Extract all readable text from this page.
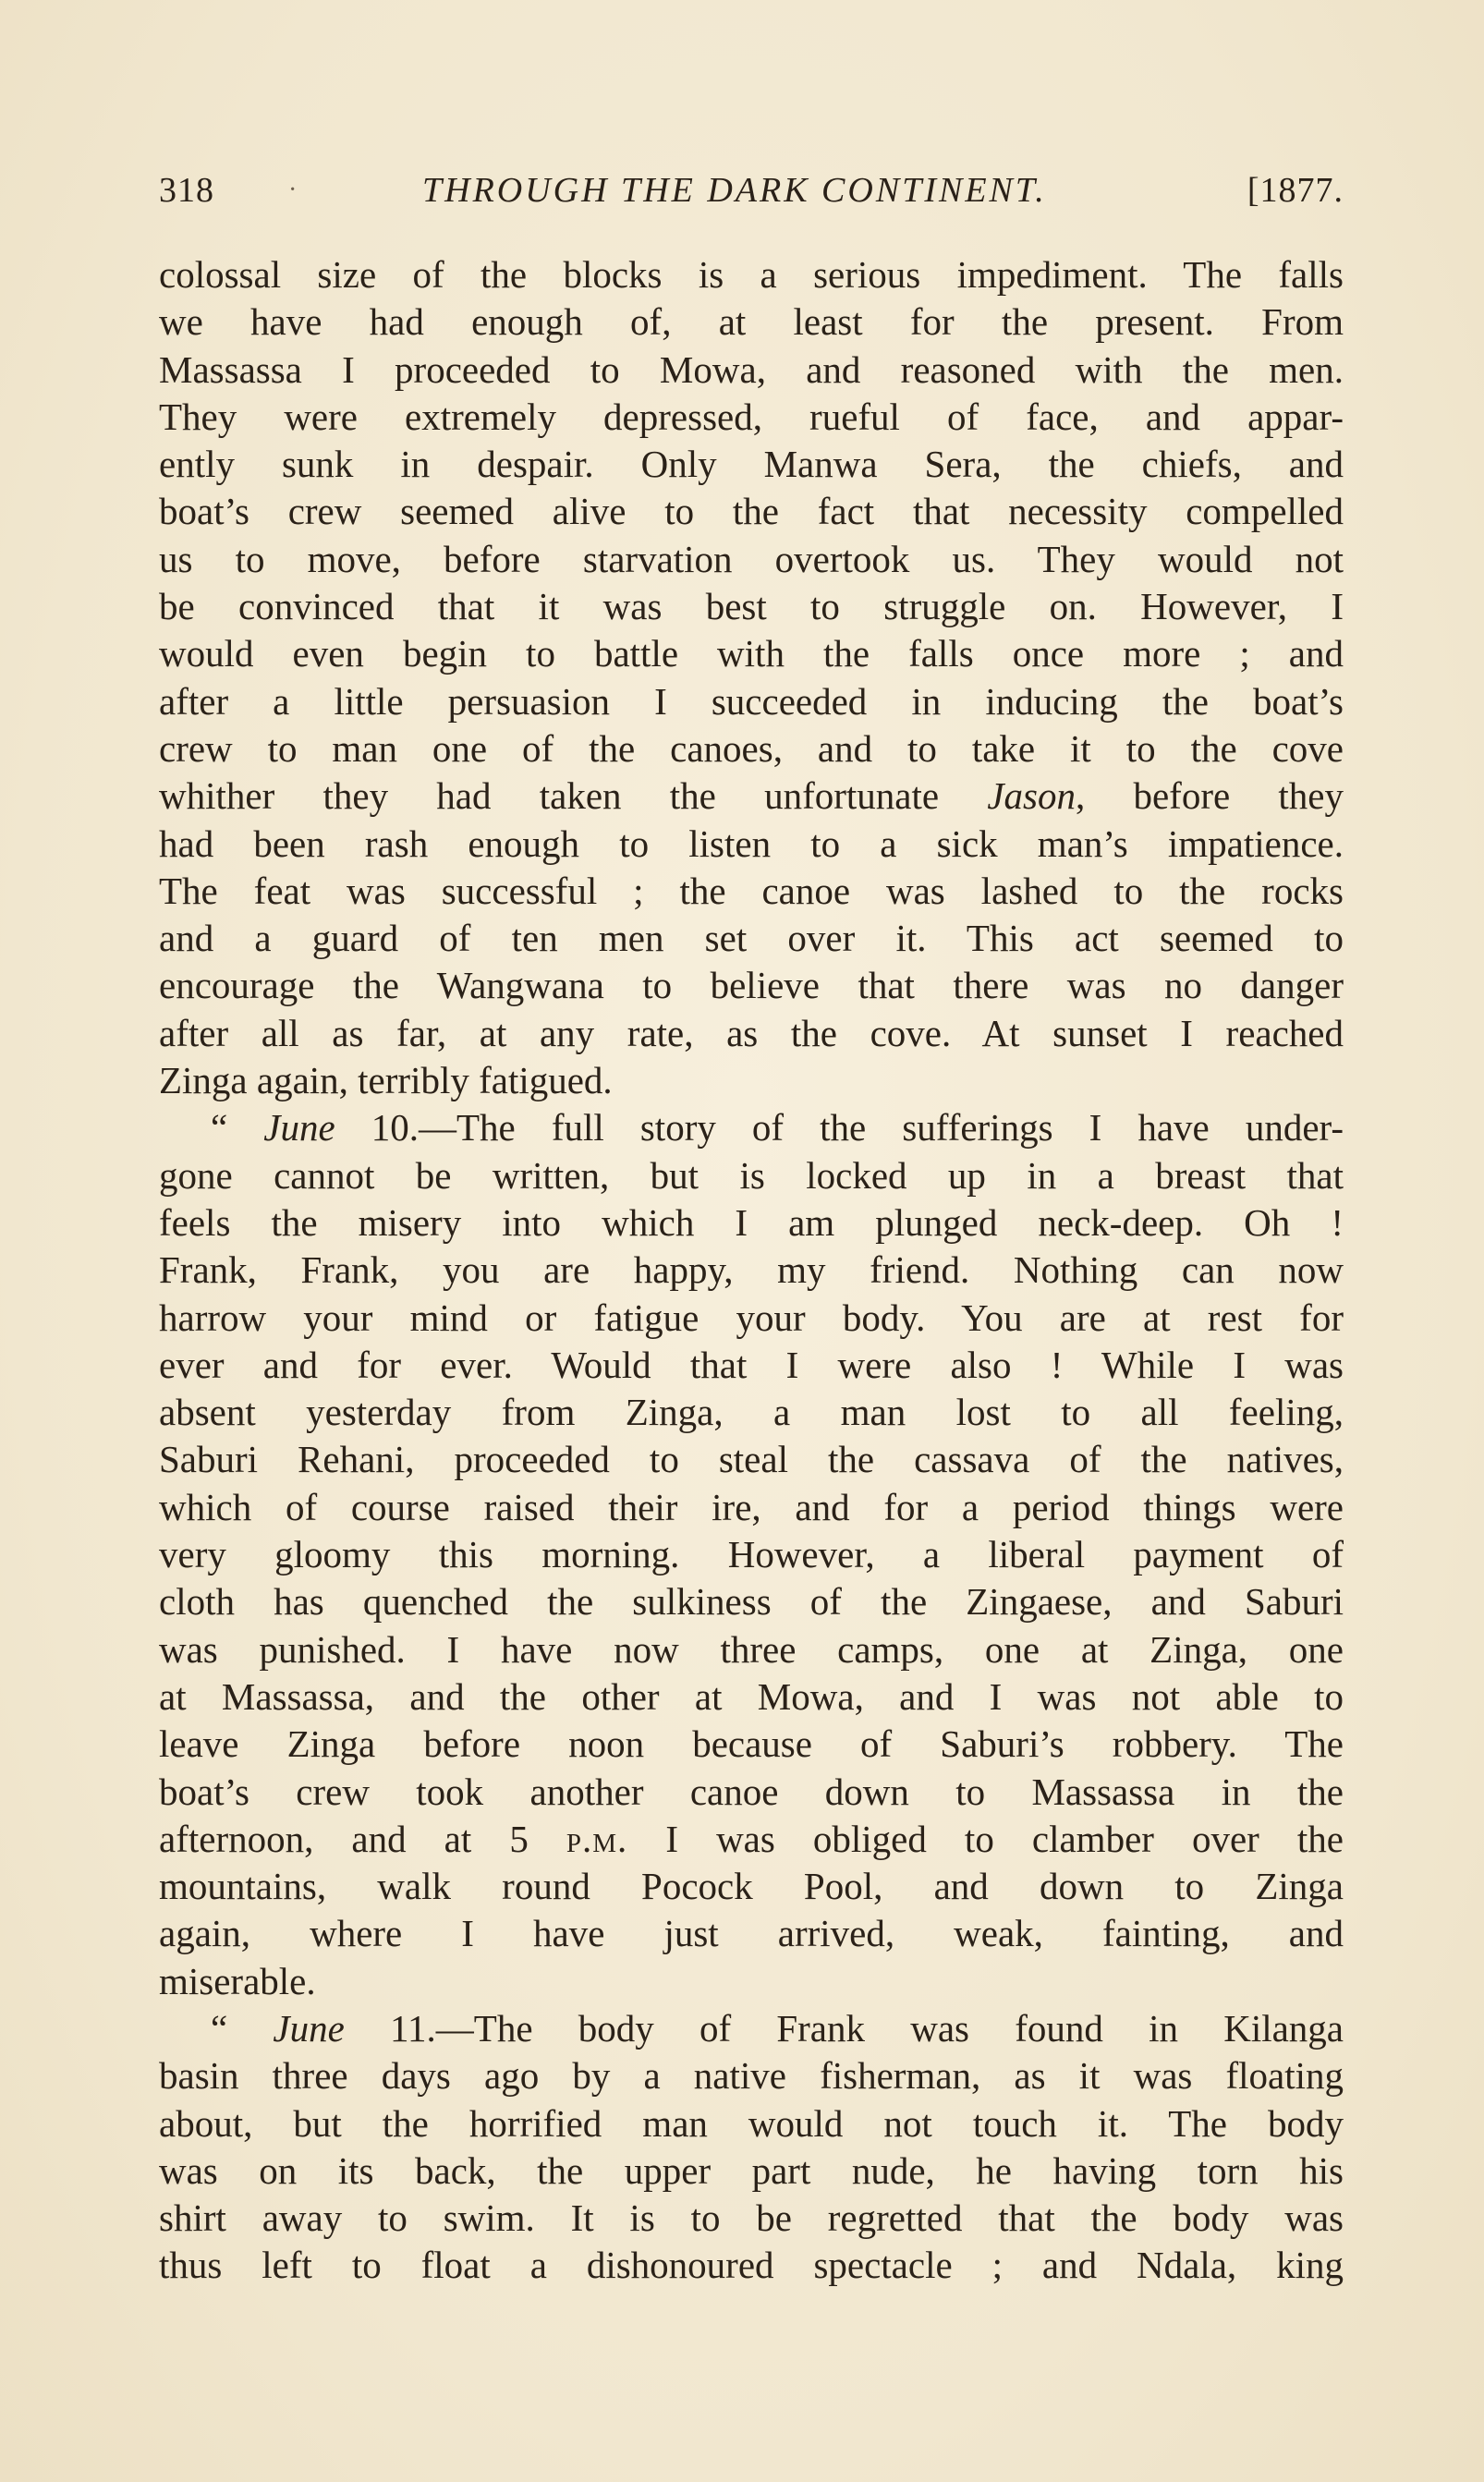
318	·	THROUGH THE DARK CONTINENT.	[1877.
colossal size of the blocks is a serious impediment. The falls
we have had enough of, at least for the present. From
Massassa I proceeded to Mowa, and reasoned with the men.
They were extremely depressed, rueful of face, and appar-
ently sunk in despair. Only Manwa Sera, the chiefs, and
boat’s crew seemed alive to the fact that necessity compelled
us to move, before starvation overtook us. They would not
be convinced that it was best to struggle on. However, I
would even begin to battle with the falls once more ; and
after a little persuasion I succeeded in inducing the boat’s
crew to man one of the canoes, and to take it to the cove
whither they had taken the unfortunate Jason, before they
had been rash enough to listen to a sick man’s impatience.
The feat was successful ; the canoe was lashed to the rocks
and a guard of ten men set over it. This act seemed to
encourage the Wangwana to believe that there was no danger
after all as far, at any rate, as the cove. At sunset I reached
Zinga again, terribly fatigued.
“ June 10.—The full story of the sufferings I have under-
gone cannot be written, but is locked up in a breast that
feels the misery into which I am plunged neck-deep. Oh !
Frank, Frank, you are happy, my friend. Nothing can now
harrow your mind or fatigue your body. You are at rest for
ever and for ever. Would that I were also ! While I was
absent yesterday from Zinga, a man lost to all feeling,
Saburi Rehani, proceeded to steal the cassava of the natives,
which of course raised their ire, and for a period things were
very gloomy this morning. However, a liberal payment of
cloth has quenched the sulkiness of the Zingaese, and Saburi
was punished. I have now three camps, one at Zinga, one
at Massassa, and the other at Mowa, and I was not able to
leave Zinga before noon because of Saburi’s robbery. The
boat’s crew took another canoe down to Massassa in the
afternoon, and at 5 p.m. I was obliged to clamber over the
mountains, walk round Pocock Pool, and down to Zinga
again, where I have just arrived, weak, fainting, and
miserable.
“ June 11.—The body of Frank was found in Kilanga
basin three days ago by a native fisherman, as it was floating
about, but the horrified man would not touch it. The body
was on its back, the upper part nude, he having torn his
shirt away to swim. It is to be regretted that the body was
thus left to float a dishonoured spectacle ; and Ndala, king
